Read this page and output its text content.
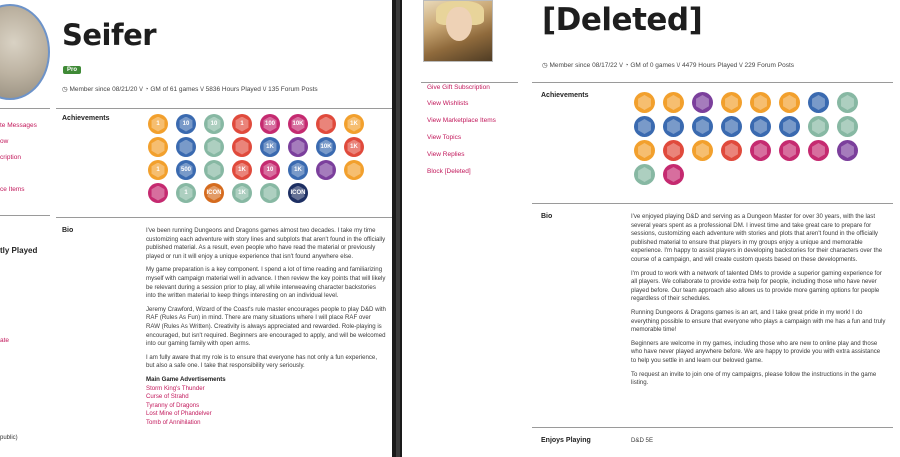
Seifer
Pro
◷ Member since 08/21/20 \/ ◔ GM of 61 games \/ 5836 Hours Played \/ 135 Forum Posts
te Messages
ow
cription
ce Items
tly Played
ate
public)
Achievements
1	10	10	1	100	10K	1K
1K	10K	1K
1	500	1K	10	1K
1	ICON	1K	ICON
Bio	I've been running Dungeons and Dragons games almost two decades. I take my time customizing each adventure with story lines and subplots that aren't found in the officially published material. As a result, even people who have read the material or previously played or run it will enjoy a unique experience that isn't found anywhere else.

My game preparation is a key component. I spend a lot of time reading and familiarizing myself with campaign material well in advance. I then review the key points that will likely be relevant during a session prior to play, all while interweaving character backstories into the written material to keep things interesting on an individual level.

Jeremy Crawford, Wizard of the Coast's rule master encourages people to play D&D with RAF (Rules As Fun) in mind. There are many situations where I will place RAF over RAW (Rules As Written). Creativity is always appreciated and rewarded. Role-playing is encouraged, but isn't required. Beginners are encouraged to apply, and will be welcomed into our gaming family with open arms.

I am fully aware that my role is to ensure that everyone has not only a fun experience, but also a safe one. I take that responsibility very seriously.

Main Game Advertisements
Storm King's Thunder
Curse of Strahd
Tyranny of Dragons
Lost Mine of Phandelver
Tomb of Annihilation
[Deleted]
◷ Member since 08/17/22 \/ ◔ GM of 0 games \/ 4479 Hours Played \/ 229 Forum Posts
Give Gift Subscription
View Wishlists
View Marketplace Items
View Topics
View Replies
Block [Deleted]
Achievements
Bio	I've enjoyed playing D&D and serving as a Dungeon Master for over 30 years, with the last several years spent as a professional DM. I invest time and take great care to prepare for sessions, customizing each adventure with stories and plots that aren't found in the officially published material to ensure that players in my groups enjoy a unique and memorable experience. I'm happy to assist players in developing backstories for their characters over the course of a campaign, and will create custom quests based on these developments.

I'm proud to work with a network of talented DMs to provide a superior gaming experience for all players. We collaborate to provide extra help for people, including those who have never played before. Our team approach also allows us to provide more gaming options for people regardless of their schedules.

Running Dungeons & Dragons games is an art, and I take great pride in my work! I do everything possible to ensure that everyone who plays a campaign with me has a fun and truly memorable time!

Beginners are welcome in my games, including those who are new to online play and those who have never played anywhere before. We are happy to provide you with extra assistance to help you settle in and learn our beloved game.

To request an invite to join one of my campaigns, please follow the instructions in the game listing.

Enjoys Playing	D&D 5E
